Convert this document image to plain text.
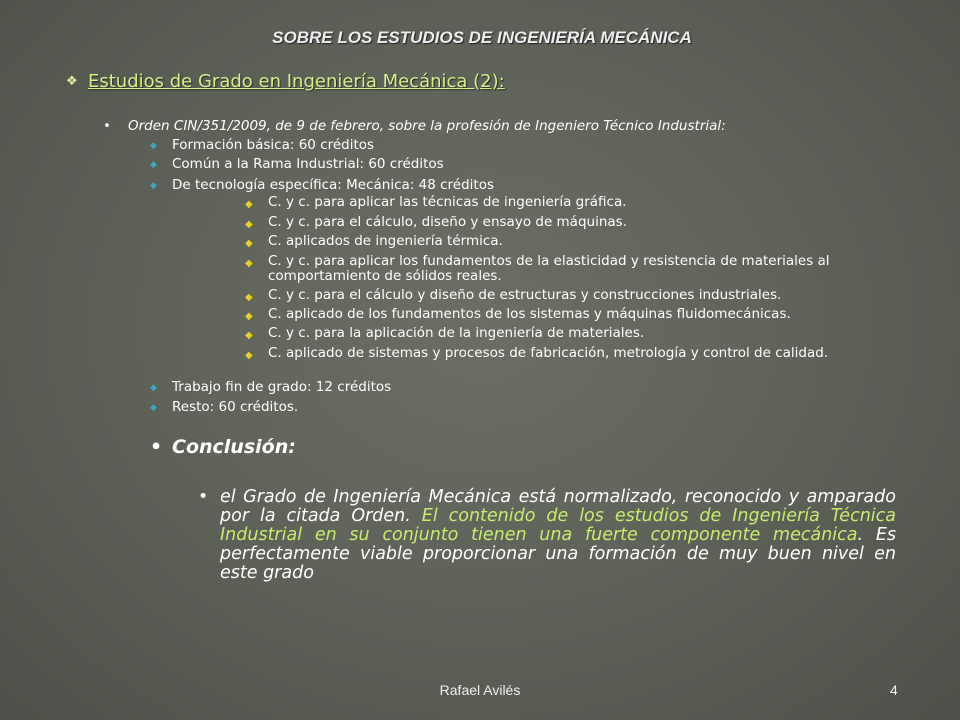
SOBRE LOS ESTUDIOS DE INGENIERÍA MECÁNICA
❖ Estudios de Grado en Ingeniería Mecánica (2):
• Orden CIN/351/2009, de 9 de febrero, sobre la profesión de Ingeniero Técnico Industrial:
◆ Formación básica: 60 créditos
◆ Común a la Rama Industrial: 60 créditos
◆ De tecnología específica: Mecánica: 48 créditos
◆ C. y c. para aplicar las técnicas de ingeniería gráfica.
◆ C. y c. para el cálculo, diseño y ensayo de máquinas.
◆ C. aplicados de ingeniería térmica.
◆ C. y c. para aplicar los fundamentos de la elasticidad y resistencia de materiales al comportamiento de sólidos reales.
◆ C. y c. para el cálculo y diseño de estructuras y construcciones industriales.
◆ C. aplicado de los fundamentos de los sistemas y máquinas fluidomecánicas.
◆ C. y c. para la aplicación de la ingeniería de materiales.
◆ C. aplicado de sistemas y procesos de fabricación, metrología y control de calidad.
◆ Trabajo fin de grado: 12 créditos
◆ Resto: 60 créditos.
• Conclusión:
• el Grado de Ingeniería Mecánica está normalizado, reconocido y amparado por la citada Orden. El contenido de los estudios de Ingeniería Técnica Industrial en su conjunto tienen una fuerte componente mecánica. Es perfectamente viable proporcionar una formación de muy buen nivel en este grado
Rafael Avilés	4
